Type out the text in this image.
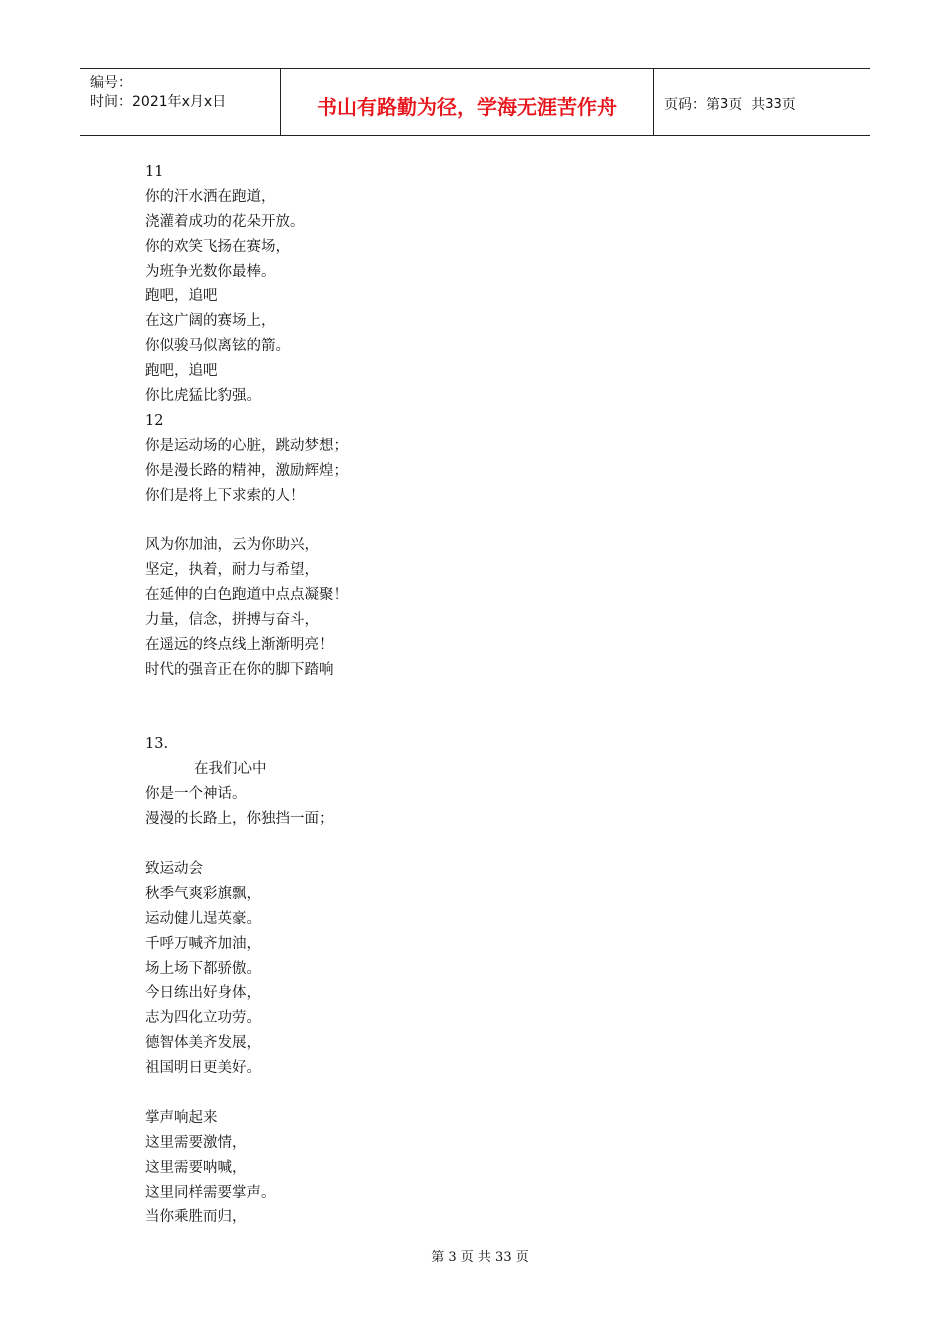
编号：
时间：2021年x月x日	书山有路勤为径，学海无涯苦作舟	页码：第 3 页  共 33 页
11
你的汗水洒在跑道，
浇灌着成功的花朵开放。
你的欢笑飞扬在赛场，
为班争光数你最棒。
跑吧，追吧
在这广阔的赛场上，
你似骏马似离铉的箭。
跑吧，追吧
你比虎猛比豹强。
12
你是运动场的心脏，跳动梦想；
你是漫长路的精神，激励辉煌；
你们是将上下求索的人！
风为你加油，云为你助兴，
坚定，执着，耐力与希望，
在延伸的白色跑道中点点凝聚！
力量，信念，拼搏与奋斗，
在遥远的终点线上渐渐明亮！
时代的强音正在你的脚下踏响
13.
在我们心中
你是一个神话。
漫漫的长路上，你独挡一面；
致运动会
秋季气爽彩旗飘，
运动健儿逞英豪。
千呼万喊齐加油，
场上场下都骄傲。
今日练出好身体，
志为四化立功劳。
德智体美齐发展，
祖国明日更美好。
掌声响起来
这里需要激情，
这里需要呐喊，
这里同样需要掌声。
当你乘胜而归，
第 3 页 共 33 页
